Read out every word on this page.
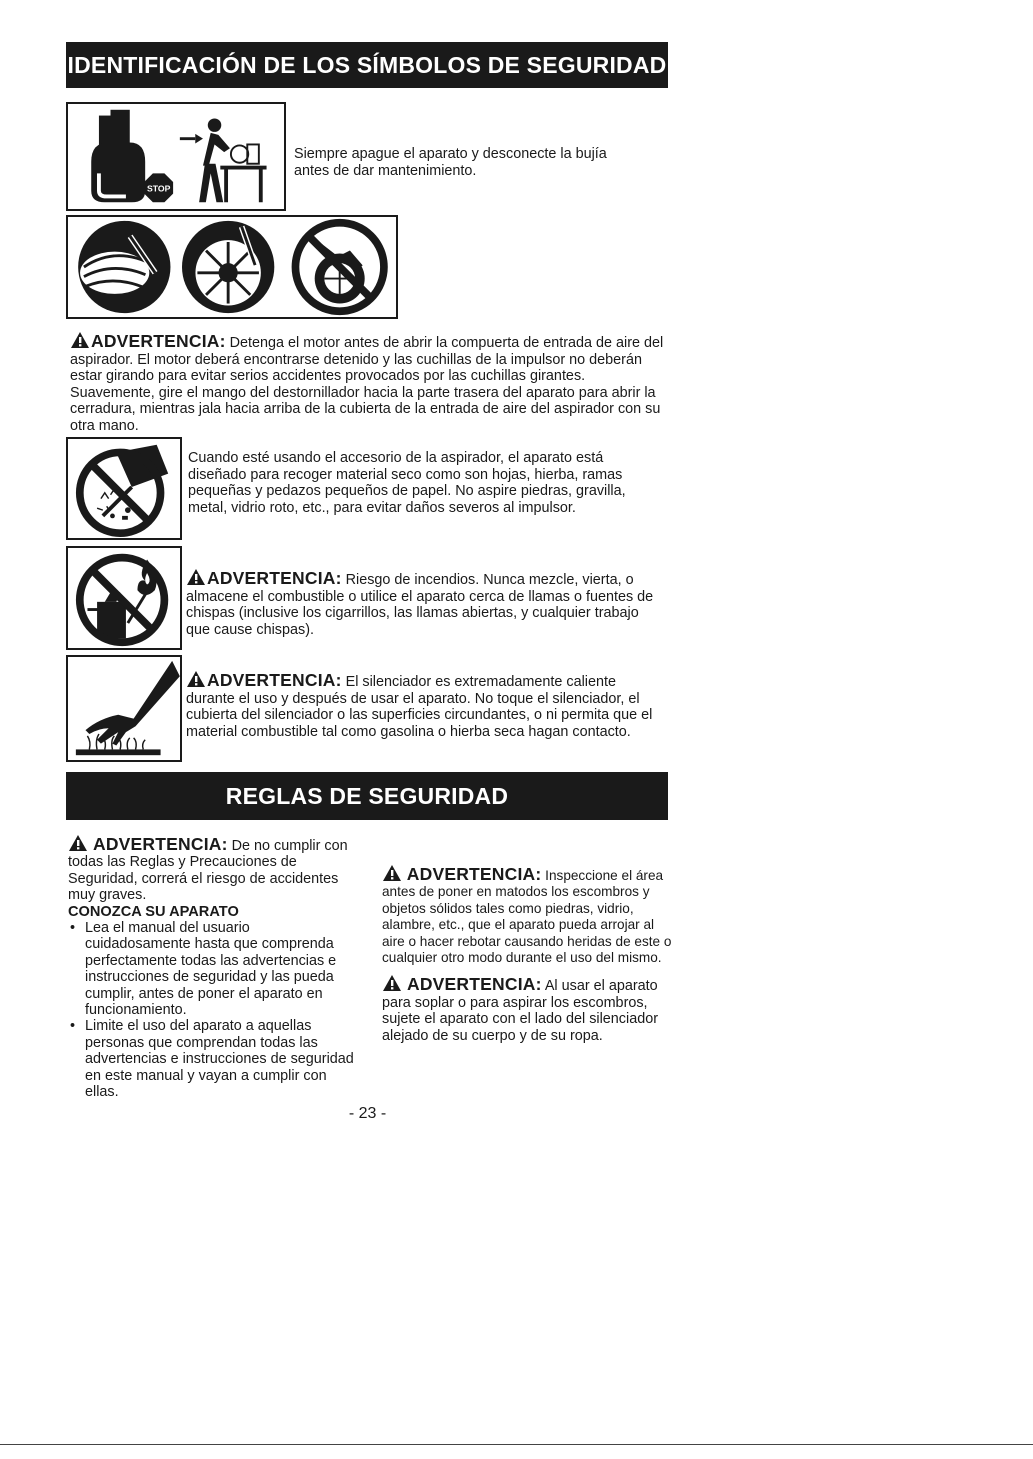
IDENTIFICACIÓN DE LOS SÍMBOLOS DE SEGURIDAD
STOP
Siempre apague el aparato y desconecte la bujía antes de dar mantenimiento.
ADVERTENCIA: Detenga el motor antes de abrir la compuerta de entrada de aire del aspirador. El motor deberá encontrarse detenido y las cuchillas de la impulsor no deberán estar girando para evitar serios accidentes provocados por las cuchillas girantes. Suavemente, gire el mango del destornillador hacia la parte trasera del aparato para abrir la cerradura, mientras jala hacia arriba de la cubierta de la entrada de aire del aspirador con su otra mano.
Cuando esté usando el accesorio de la aspirador, el aparato está diseñado para recoger material seco como son hojas, hierba, ramas pequeñas y pedazos pequeños de papel. No aspire piedras, gravilla, metal, vidrio roto, etc., para evitar daños severos al impulsor.
ADVERTENCIA: Riesgo de incendios. Nunca mezcle, vierta, o almacene el combustible o utilice el aparato cerca de llamas o fuentes de chispas (inclusive los cigarrillos, las llamas abiertas, y cualquier trabajo que cause chispas).
ADVERTENCIA: El silenciador es extremadamente caliente durante el uso y después de usar el aparato. No toque el silenciador, el cubierta del silenciador o las superficies circundantes, o ni permita que el material combustible tal como gasolina o hierba seca hagan contacto.
REGLAS DE SEGURIDAD

ADVERTENCIA: De no cumplir con todas las Reglas y Precauciones de Seguridad, correrá el riesgo de accidentes muy graves.

CONOZCA SU APARATO

• Lea el manual del usuario cuidadosamente hasta que comprenda perfectamente todas las advertencias e instrucciones de seguridad y las pueda cumplir, antes de poner el aparato en funcionamiento.

• Limite el uso del aparato a aquellas personas que comprendan todas las advertencias e instrucciones de seguridad en este manual y vayan a cumplir con ellas.

ADVERTENCIA: Inspeccione el área antes de poner en matodos los escombros y objetos sólidos tales como piedras, vidrio, alambre, etc., que el aparato pueda arrojar al aire o hacer rebotar causando heridas de este o cualquier otro modo durante el uso del mismo.

ADVERTENCIA: Al usar el aparato para soplar o para aspirar los escombros, sujete el aparato con el lado del silenciador alejado de su cuerpo y de su ropa.

- 23 -
